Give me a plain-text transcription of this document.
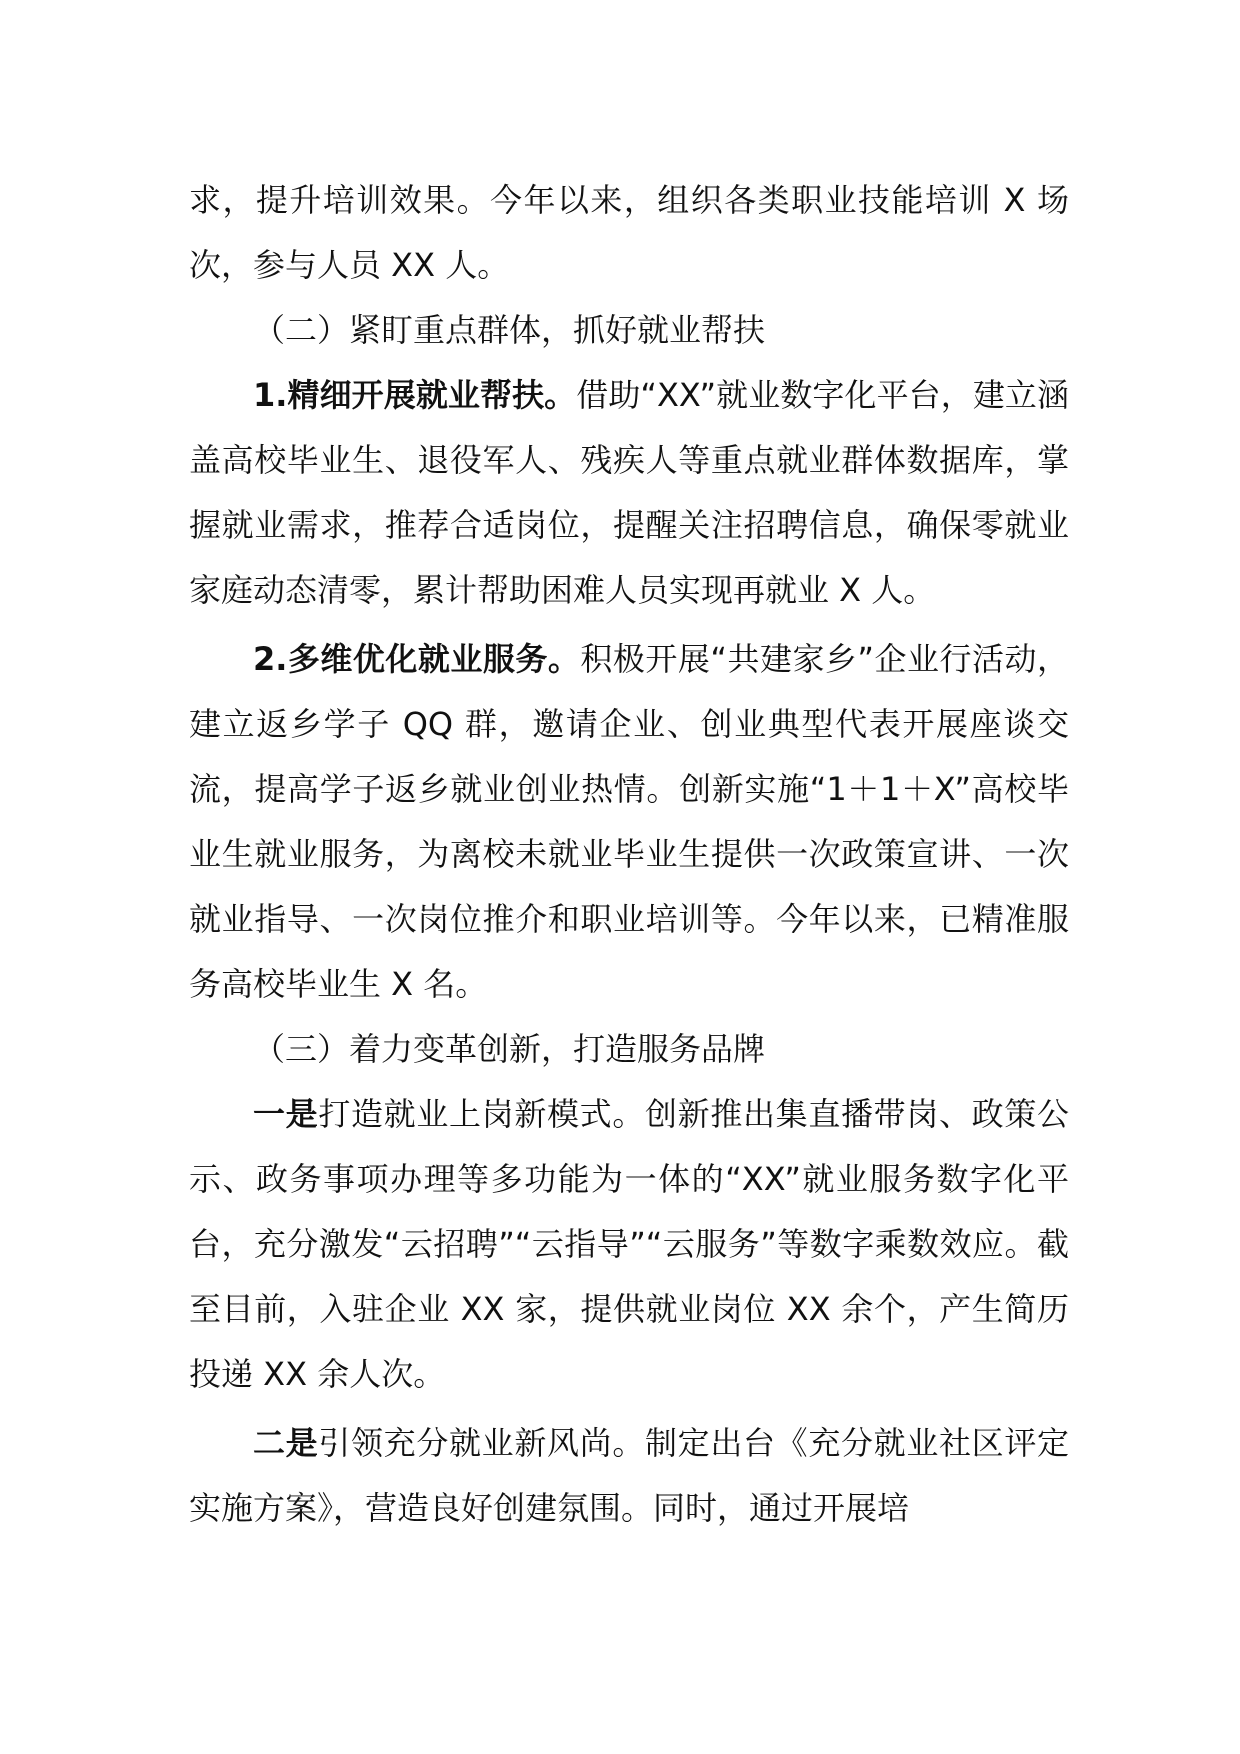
求，提升培训效果。今年以来，组织各类职业技能培训 X 场次，参与人员 XX 人。

（二）紧盯重点群体，抓好就业帮扶

1.精细开展就业帮扶。借助“XX”就业数字化平台，建立涵盖高校毕业生、退役军人、残疾人等重点就业群体数据库，掌握就业需求，推荐合适岗位，提醒关注招聘信息，确保零就业家庭动态清零，累计帮助困难人员实现再就业 X 人。

2.多维优化就业服务。积极开展“共建家乡”企业行活动，建立返乡学子 QQ 群，邀请企业、创业典型代表开展座谈交流，提高学子返乡就业创业热情。创新实施“1＋1＋X”高校毕业生就业服务，为离校未就业毕业生提供一次政策宣讲、一次就业指导、一次岗位推介和职业培训等。今年以来，已精准服务高校毕业生 X 名。

（三）着力变革创新，打造服务品牌

一是打造就业上岗新模式。创新推出集直播带岗、政策公示、政务事项办理等多功能为一体的“XX”就业服务数字化平台，充分激发“云招聘”“云指导”“云服务”等数字乘数效应。截至目前，入驻企业 XX 家，提供就业岗位 XX 余个，产生简历投递 XX 余人次。

二是引领充分就业新风尚。制定出台《充分就业社区评定实施方案》，营造良好创建氛围。同时，通过开展培
